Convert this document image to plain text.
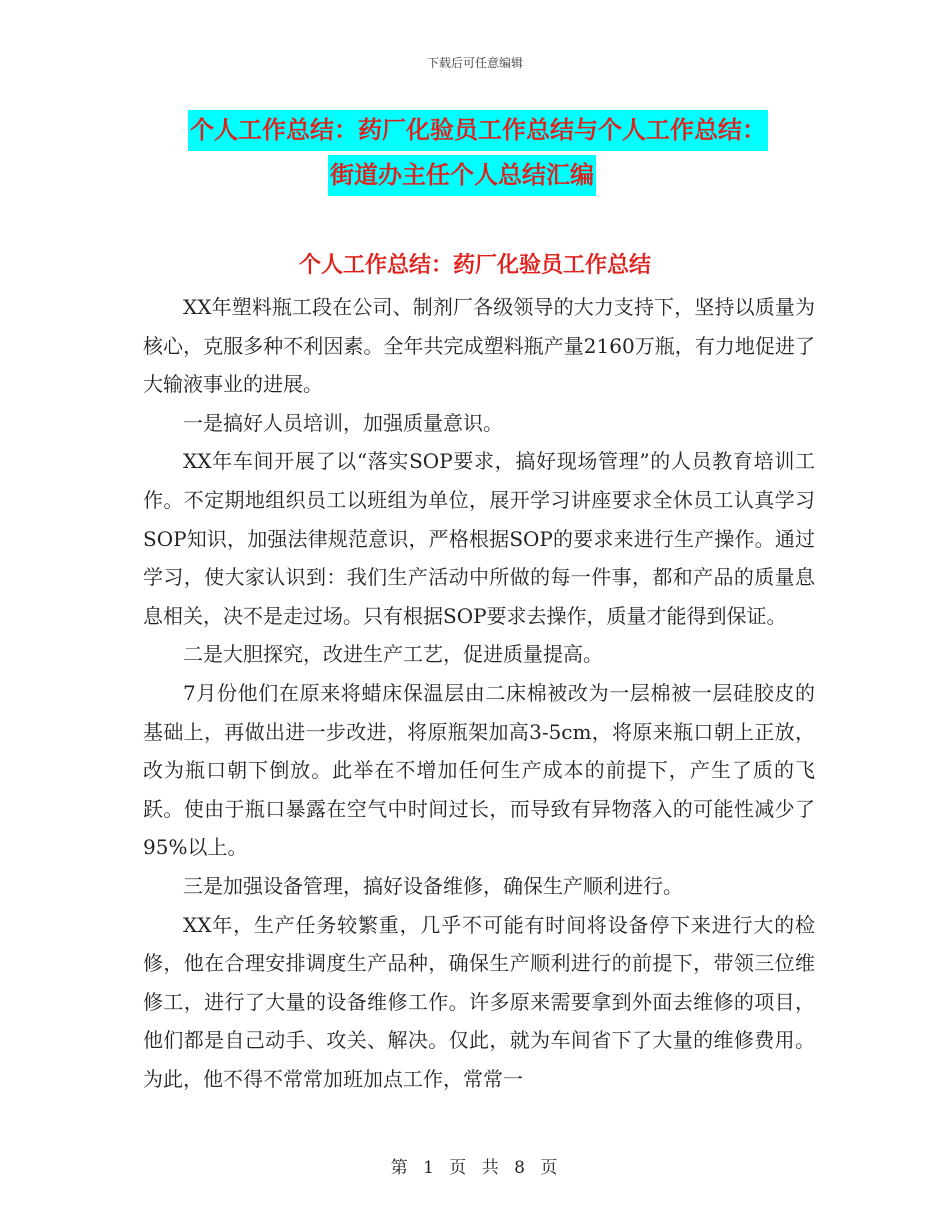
下载后可任意编辑
个人工作总结：药厂化验员工作总结与个人工作总结：
街道办主任个人总结汇编
个人工作总结：药厂化验员工作总结

XX年塑料瓶工段在公司、制剂厂各级领导的大力支持下，坚持以质量为核心，克服多种不利因素。全年共完成塑料瓶产量2160万瓶，有力地促进了大输液事业的进展。

一是搞好人员培训，加强质量意识。

XX年车间开展了以“落实SOP要求，搞好现场管理”的人员教育培训工作。不定期地组织员工以班组为单位，展开学习讲座要求全休员工认真学习SOP知识，加强法律规范意识，严格根据SOP的要求来进行生产操作。通过学习，使大家认识到：我们生产活动中所做的每一件事，都和产品的质量息息相关，决不是走过场。只有根据SOP要求去操作，质量才能得到保证。

二是大胆探究，改进生产工艺，促进质量提高。

7月份他们在原来将蜡床保温层由二床棉被改为一层棉被一层硅胶皮的基础上，再做出进一步改进，将原瓶架加高3-5cm，将原来瓶口朝上正放，改为瓶口朝下倒放。此举在不增加任何生产成本的前提下，产生了质的飞跃。使由于瓶口暴露在空气中时间过长，而导致有异物落入的可能性减少了95%以上。

三是加强设备管理，搞好设备维修，确保生产顺利进行。

XX年，生产任务较繁重，几乎不可能有时间将设备停下来进行大的检修，他在合理安排调度生产品种，确保生产顺利进行的前提下，带领三位维修工，进行了大量的设备维修工作。许多原来需要拿到外面去维修的项目，他们都是自己动手、攻关、解决。仅此，就为车间省下了大量的维修费用。为此，他不得不常常加班加点工作，常常一

第 1 页 共 8 页
